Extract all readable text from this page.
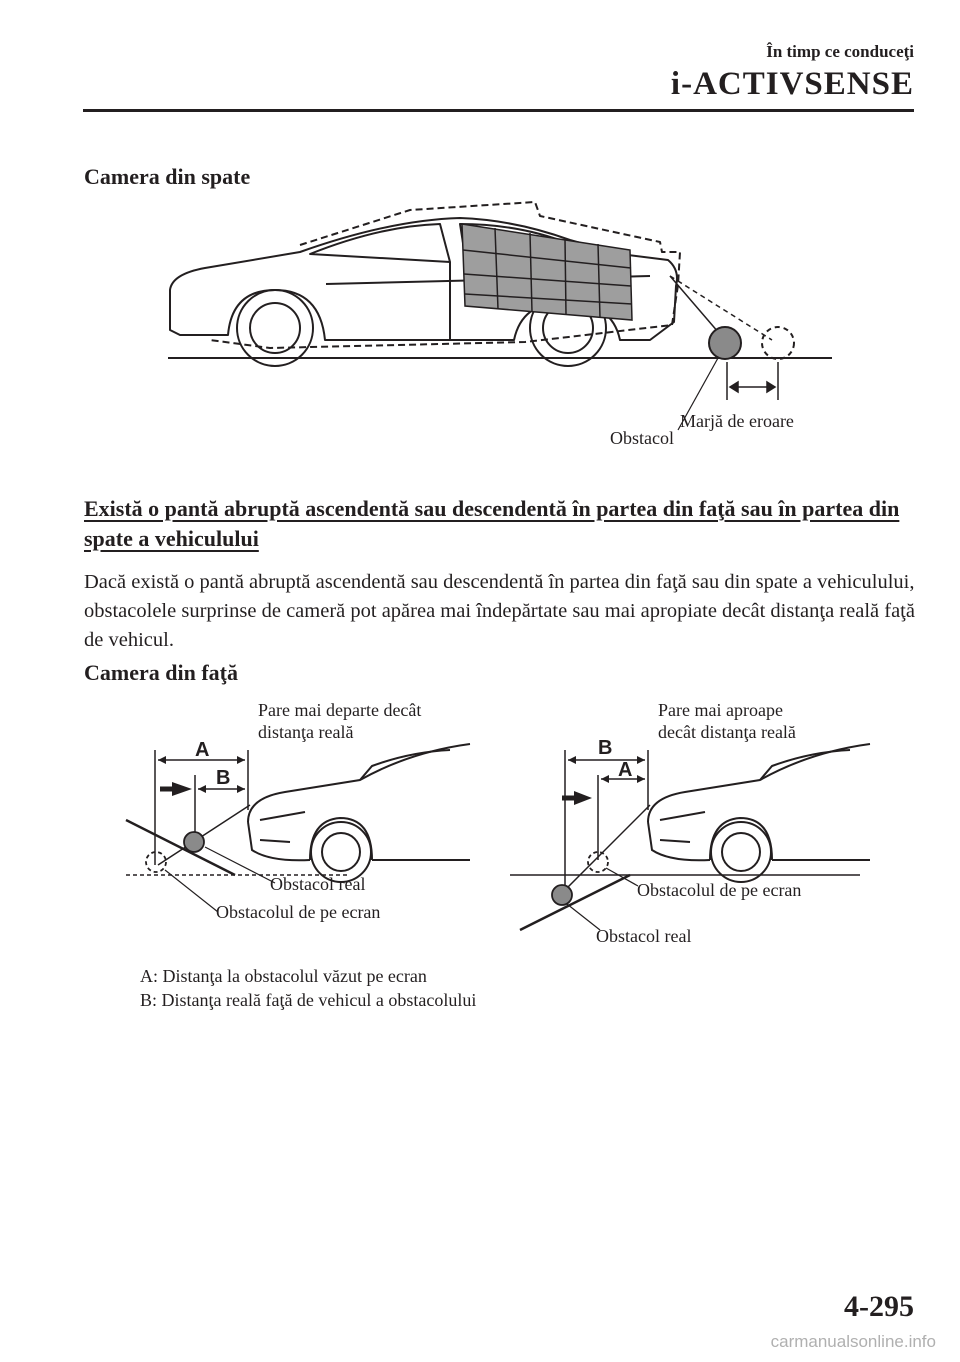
În timp ce conduceţi
i-ACTIVSENSE
Camera din spate
Marjă de eroare
Obstacol
Există o pantă abruptă ascendentă sau descendentă în partea din faţă sau în partea din spate a vehiculului
Dacă există o pantă abruptă ascendentă sau descendentă în partea din faţă sau din spate a vehiculului, obstacolele surprinse de cameră pot apărea mai îndepărtate sau mai apropiate decât distanţa reală faţă de vehicul.
Camera din faţă
Pare mai departe decât
distanţa reală
A
B
Obstacol real
Obstacolul de pe ecran
Pare mai aproape
decât distanţa reală
B
A
Obstacolul de pe ecran
Obstacol real
A: Distanţa la obstacolul văzut pe ecran
B: Distanţa reală faţă de vehicul a obstacolului
4-295
carmanualsonline.info
